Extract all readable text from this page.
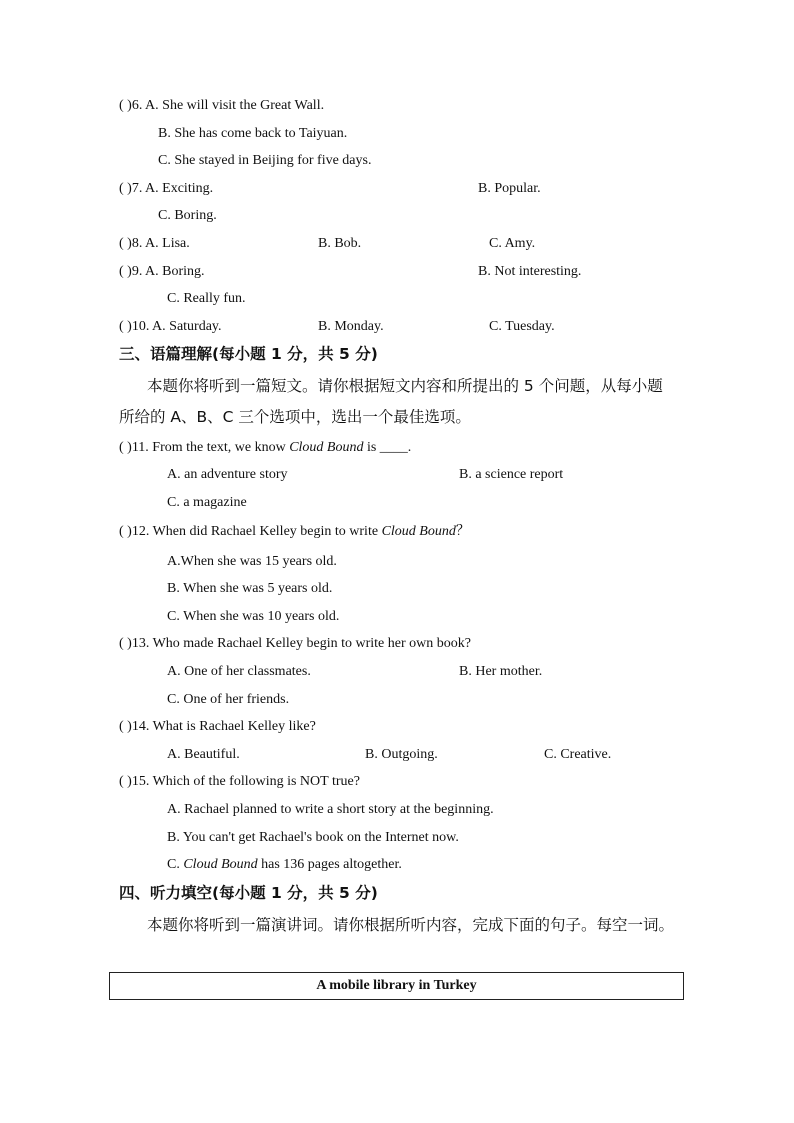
( )6. A. She will visit the Great Wall.
B. She has come back to Taiyuan.
C. She stayed in Beijing for five days.
( )7. A. Exciting.	B. Popular.
C. Boring.
( )8. A. Lisa.	B. Bob.	C. Amy.
( )9. A. Boring.	B. Not interesting.
C. Really fun.
( )10. A. Saturday.	B. Monday.	C. Tuesday.
三、语篇理解(每小题 1 分，共 5 分)
本题你将听到一篇短文。请你根据短文内容和所提出的 5 个问题，从每小题
所给的 A、B、C 三个选项中，选出一个最佳选项。
( )11. From the text, we know Cloud Bound is ____.
A. an adventure story	B. a science report
C. a magazine
( )12. When did Rachael Kelley begin to write Cloud Bound？
A.When she was 15 years old.
B. When she was 5 years old.
C. When she was 10 years old.
( )13. Who made Rachael Kelley begin to write her own book?
A. One of her classmates.	B. Her mother.
C. One of her friends.
( )14. What is Rachael Kelley like?
A. Beautiful.	B. Outgoing.	C. Creative.
( )15. Which of the following is NOT true?
A. Rachael planned to write a short story at the beginning.
B. You can't get Rachael's book on the Internet now.
C. Cloud Bound has 136 pages altogether.
四、听力填空(每小题 1 分，共 5 分)
本题你将听到一篇演讲词。请你根据所听内容，完成下面的句子。每空一词。
A mobile library in Turkey
